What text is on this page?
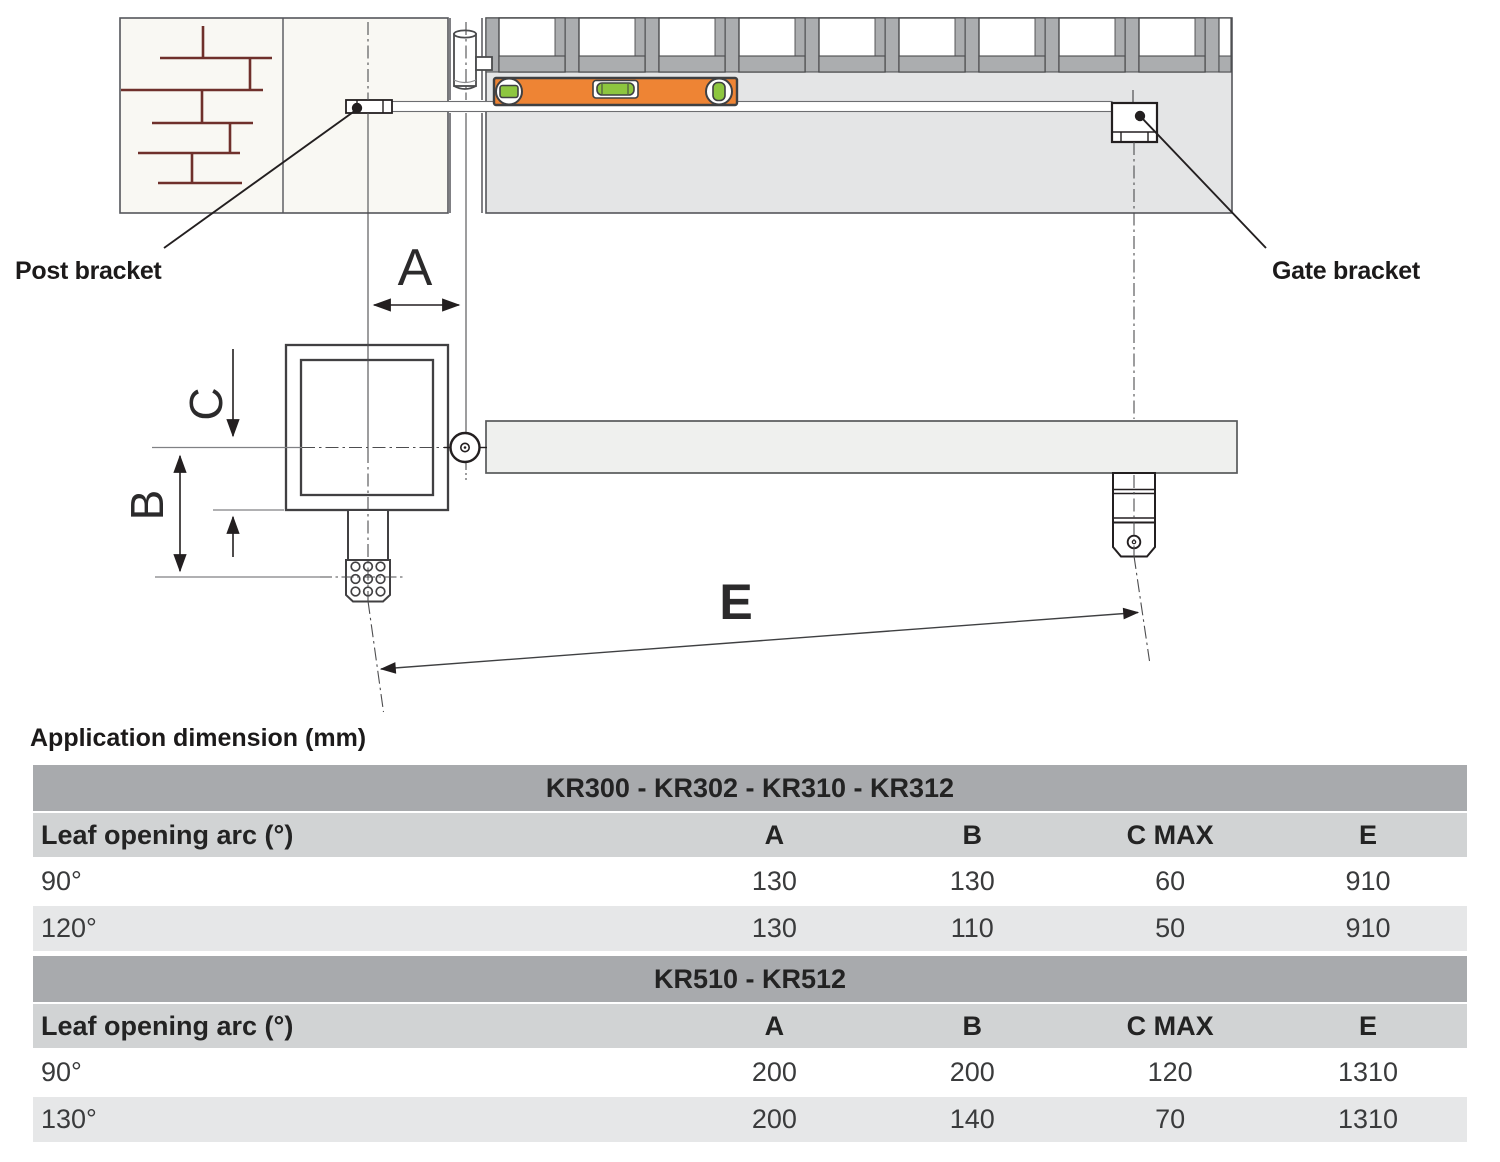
Post bracket	Gate bracket
A
B
C
E
Application dimension (mm)
KR300 - KR302 - KR310 - KR312
Leaf opening arc (°)	A	B	C MAX	E
90°	130	130	60	910
120°	130	110	50	910
KR510 - KR512
Leaf opening arc (°)	A	B	C MAX	E
90°	200	200	120	1310
130°	200	140	70	1310
